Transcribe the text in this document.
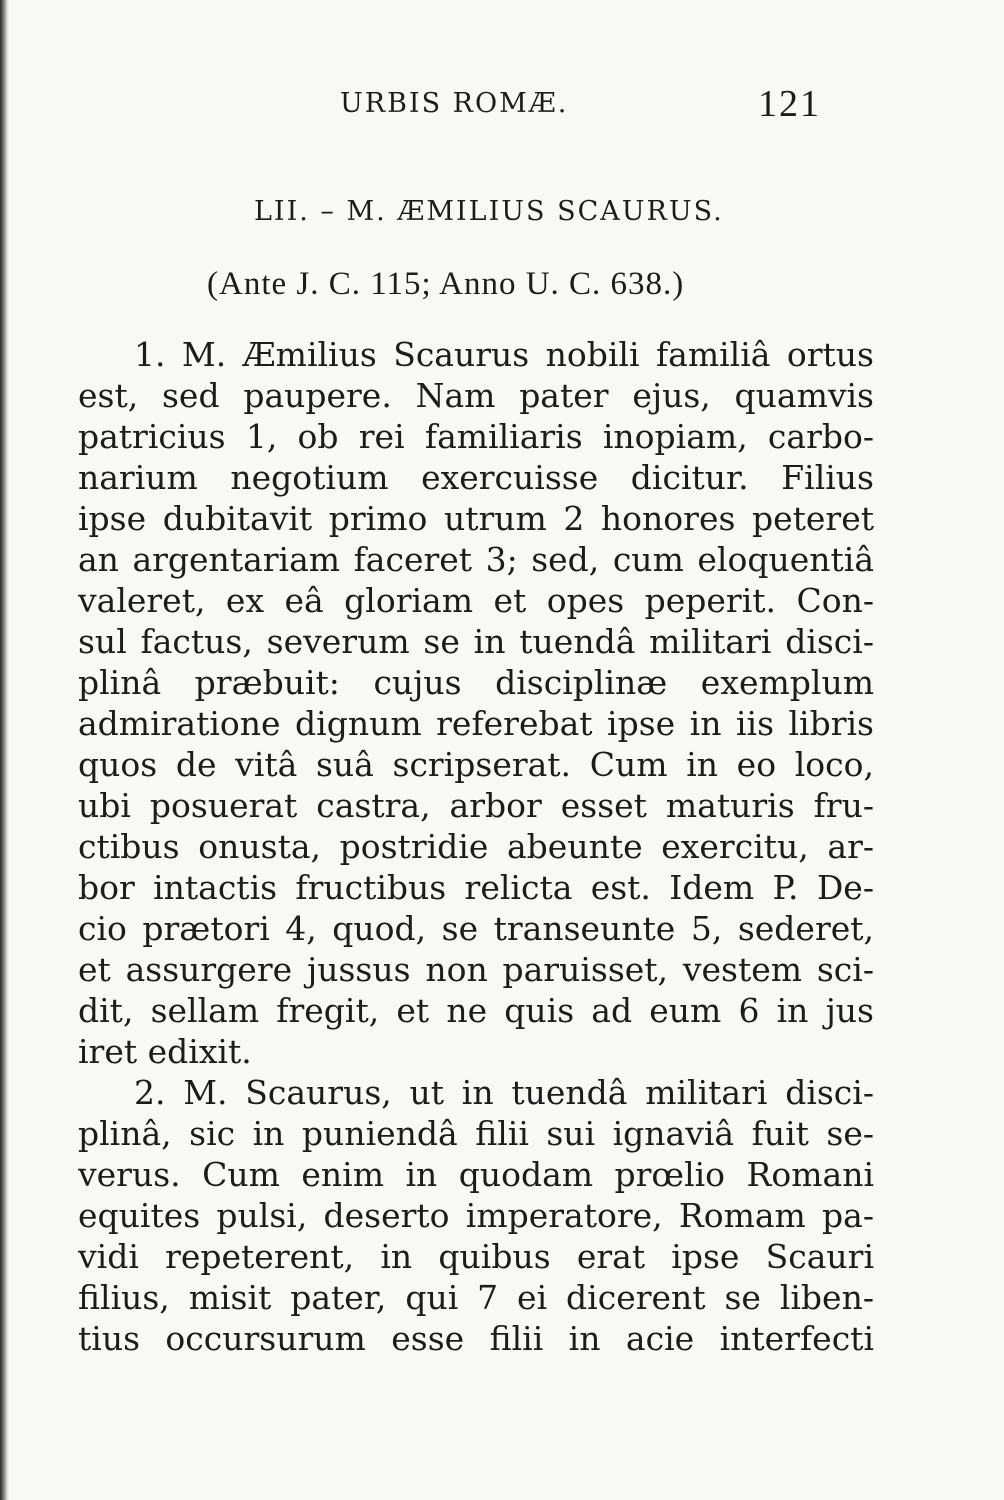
URBIS ROMÆ.	121
LII. – M. ÆMILIUS SCAURUS.
(Ante J. C. 115; Anno U. C. 638.)
1. M. Æmilius Scaurus nobili familiâ ortus
est, sed paupere. Nam pater ejus, quamvis
patricius 1, ob rei familiaris inopiam, carbo-
narium negotium exercuisse dicitur. Filius
ipse dubitavit primo utrum 2 honores peteret
an argentariam faceret 3; sed, cum eloquentiâ
valeret, ex eâ gloriam et opes peperit. Con-
sul factus, severum se in tuendâ militari disci-
plinâ præbuit: cujus disciplinæ exemplum
admiratione dignum referebat ipse in iis libris
quos de vitâ suâ scripserat. Cum in eo loco,
ubi posuerat castra, arbor esset maturis fru-
ctibus onusta, postridie abeunte exercitu, ar-
bor intactis fructibus relicta est. Idem P. De-
cio prætori 4, quod, se transeunte 5, sederet,
et assurgere jussus non paruisset, vestem sci-
dit, sellam fregit, et ne quis ad eum 6 in jus
iret edixit.
2. M. Scaurus, ut in tuendâ militari disci-
plinâ, sic in puniendâ filii sui ignaviâ fuit se-
verus. Cum enim in quodam prœlio Romani
equites pulsi, deserto imperatore, Romam pa-
vidi repeterent, in quibus erat ipse Scauri
filius, misit pater, qui 7 ei dicerent se liben-
tius occursurum esse filii in acie interfecti
